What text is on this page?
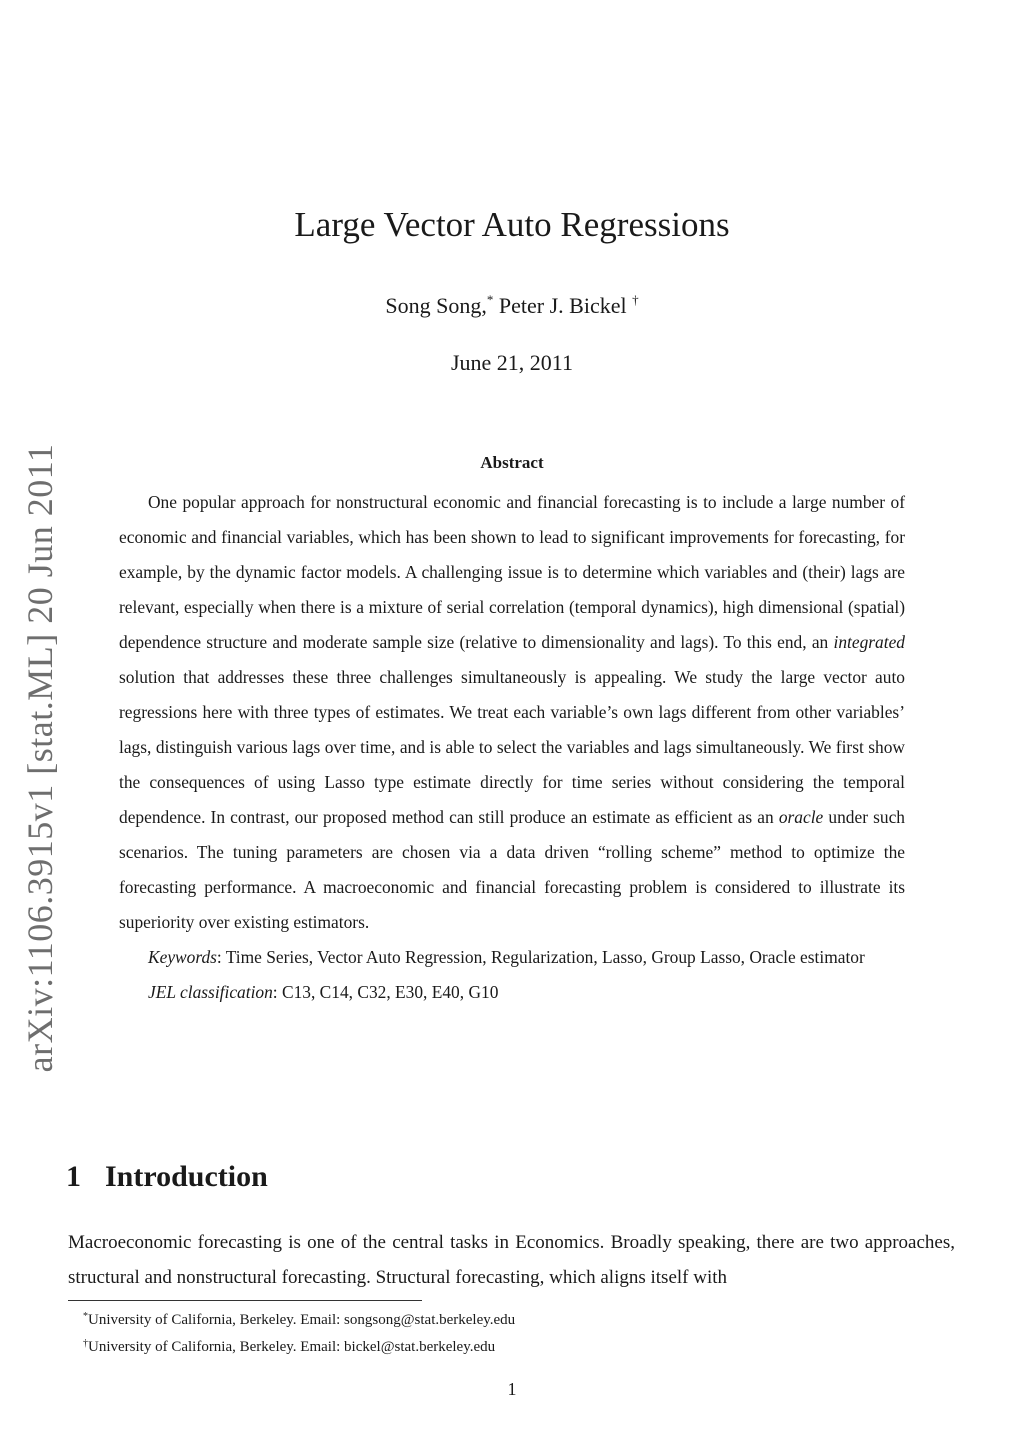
arXiv:1106.3915v1 [stat.ML] 20 Jun 2011
Large Vector Auto Regressions
Song Song,* Peter J. Bickel †
June 21, 2011
Abstract

One popular approach for nonstructural economic and financial forecasting is to include a large number of economic and financial variables, which has been shown to lead to significant improvements for forecasting, for example, by the dynamic factor models. A challenging issue is to determine which variables and (their) lags are relevant, especially when there is a mixture of serial correlation (temporal dynamics), high dimensional (spatial) dependence structure and moderate sample size (relative to dimensionality and lags). To this end, an integrated solution that addresses these three challenges simultaneously is appealing. We study the large vector auto regressions here with three types of estimates. We treat each variable’s own lags different from other variables’ lags, distinguish various lags over time, and is able to select the variables and lags simultaneously. We first show the consequences of using Lasso type estimate directly for time series without considering the temporal dependence. In contrast, our proposed method can still produce an estimate as efficient as an oracle under such scenarios. The tuning parameters are chosen via a data driven “rolling scheme” method to optimize the forecasting performance. A macroeconomic and financial forecasting problem is considered to illustrate its superiority over existing estimators.

Keywords: Time Series, Vector Auto Regression, Regularization, Lasso, Group Lasso, Oracle estimator

JEL classification: C13, C14, C32, E30, E40, G10

1 Introduction

Macroeconomic forecasting is one of the central tasks in Economics. Broadly speaking, there are two approaches, structural and nonstructural forecasting. Structural forecasting, which aligns itself with

*University of California, Berkeley. Email: songsong@stat.berkeley.edu
†University of California, Berkeley. Email: bickel@stat.berkeley.edu
1
